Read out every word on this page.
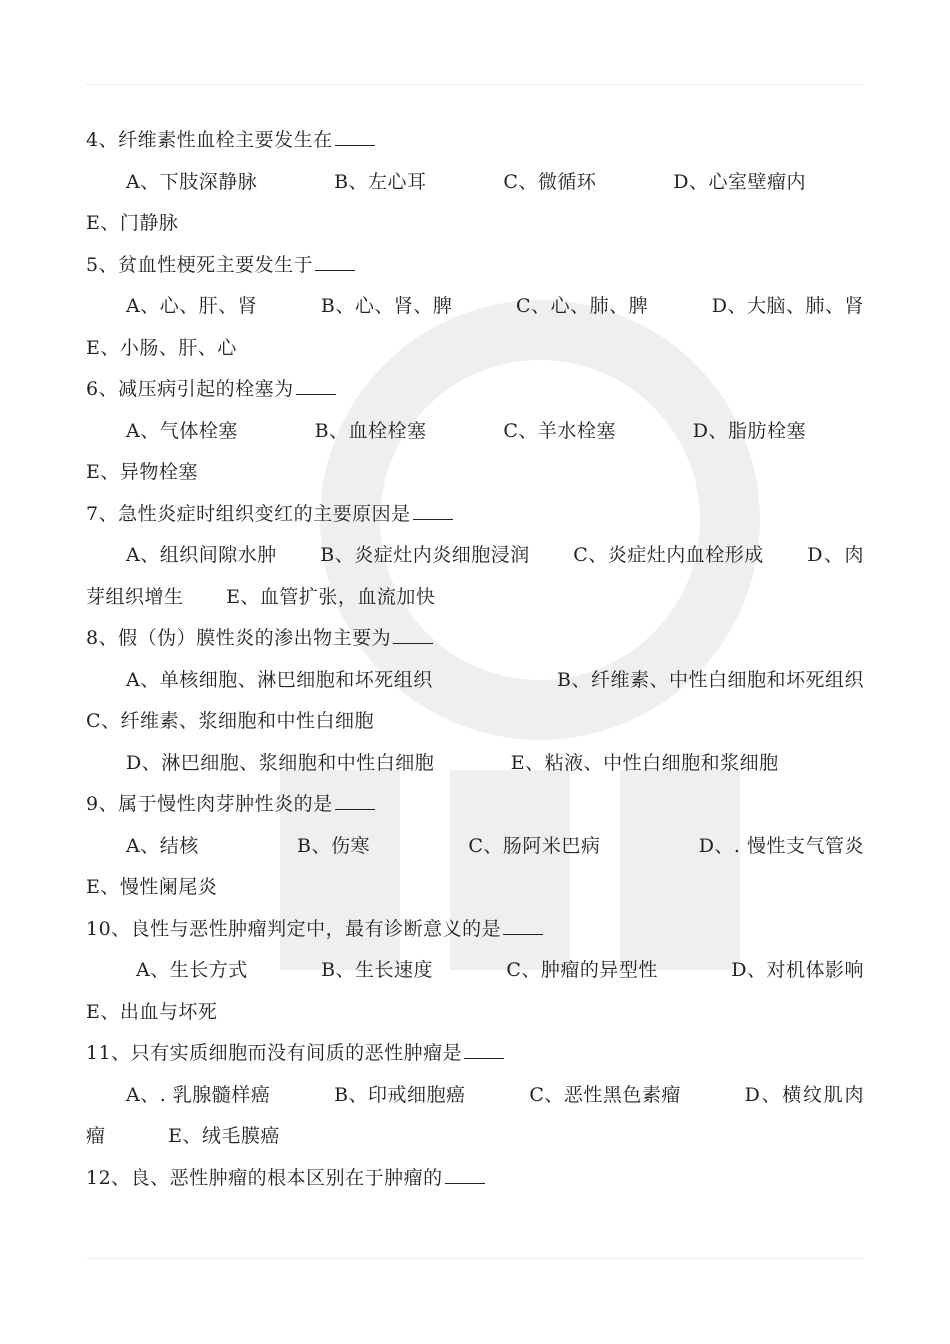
4、纤维素性血栓主要发生在

A、下肢深静脉	B、左心耳	C、微循环	D、心室壁瘤内 E、门静脉

5、贫血性梗死主要发生于

A、心、肝、肾	B、心、肾、脾	C、心、肺、脾	D、大脑、肺、肾 E、小肠、肝、心

6、减压病引起的栓塞为

A、气体栓塞	B、血栓栓塞	C、羊水栓塞	D、脂肪栓塞 E、异物栓塞

7、急性炎症时组织变红的主要原因是

A、组织间隙水肿 B、炎症灶内炎细胞浸润 C、炎症灶内血栓形成 D、肉芽组织增生 E、血管扩张，血流加快

8、假（伪）膜性炎的渗出物主要为

A、单核细胞、淋巴细胞和坏死组织	B、纤维素、中性白细胞和坏死组织 C、纤维素、浆细胞和中性白细胞

D、淋巴细胞、浆细胞和中性白细胞	E、粘液、中性白细胞和浆细胞

9、属于慢性肉芽肿性炎的是

A、结核	B、伤寒	C、肠阿米巴病	D、. 慢性支气管炎 E、慢性阑尾炎

10、良性与恶性肿瘤判定中，最有诊断意义的是

A、生长方式	B、生长速度	C、肿瘤的异型性	D、对机体影响 E、出血与坏死

11、只有实质细胞而没有间质的恶性肿瘤是

A、. 乳腺髓样癌	B、印戒细胞癌	C、恶性黑色素瘤	D、横纹肌肉瘤	E、绒毛膜癌

12、良、恶性肿瘤的根本区别在于肿瘤的
